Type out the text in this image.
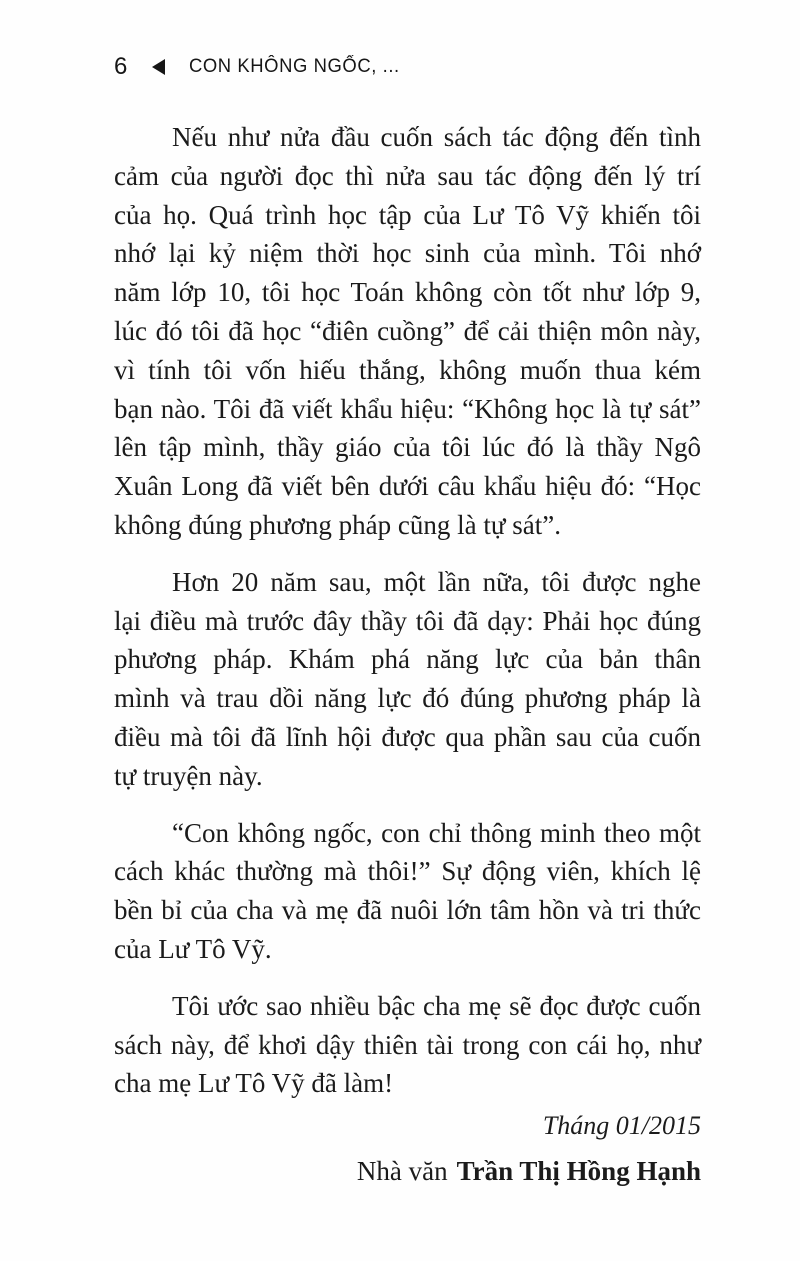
6	CON KHÔNG NGỐC, ...
Nếu như nửa đầu cuốn sách tác động đến tình
cảm của người đọc thì nửa sau tác động đến lý trí
của họ. Quá trình học tập của Lư Tô Vỹ khiến tôi
nhớ lại kỷ niệm thời học sinh của mình. Tôi nhớ
năm lớp 10, tôi học Toán không còn tốt như lớp 9,
lúc đó tôi đã học “điên cuồng” để cải thiện môn này,
vì tính tôi vốn hiếu thắng, không muốn thua kém
bạn nào. Tôi đã viết khẩu hiệu: “Không học là tự sát”
lên tập mình, thầy giáo của tôi lúc đó là thầy Ngô
Xuân Long đã viết bên dưới câu khẩu hiệu đó: “Học
không đúng phương pháp cũng là tự sát”.
Hơn 20 năm sau, một lần nữa, tôi được nghe
lại điều mà trước đây thầy tôi đã dạy: Phải học đúng
phương pháp. Khám phá năng lực của bản thân
mình và trau dồi năng lực đó đúng phương pháp là
điều mà tôi đã lĩnh hội được qua phần sau của cuốn
tự truyện này.
“Con không ngốc, con chỉ thông minh theo một
cách khác thường mà thôi!” Sự động viên, khích lệ
bền bỉ của cha và mẹ đã nuôi lớn tâm hồn và tri thức
của Lư Tô Vỹ.
Tôi ước sao nhiều bậc cha mẹ sẽ đọc được cuốn
sách này, để khơi dậy thiên tài trong con cái họ, như
cha mẹ Lư Tô Vỹ đã làm!
Tháng 01/2015
Nhà văn Trần Thị Hồng Hạnh
